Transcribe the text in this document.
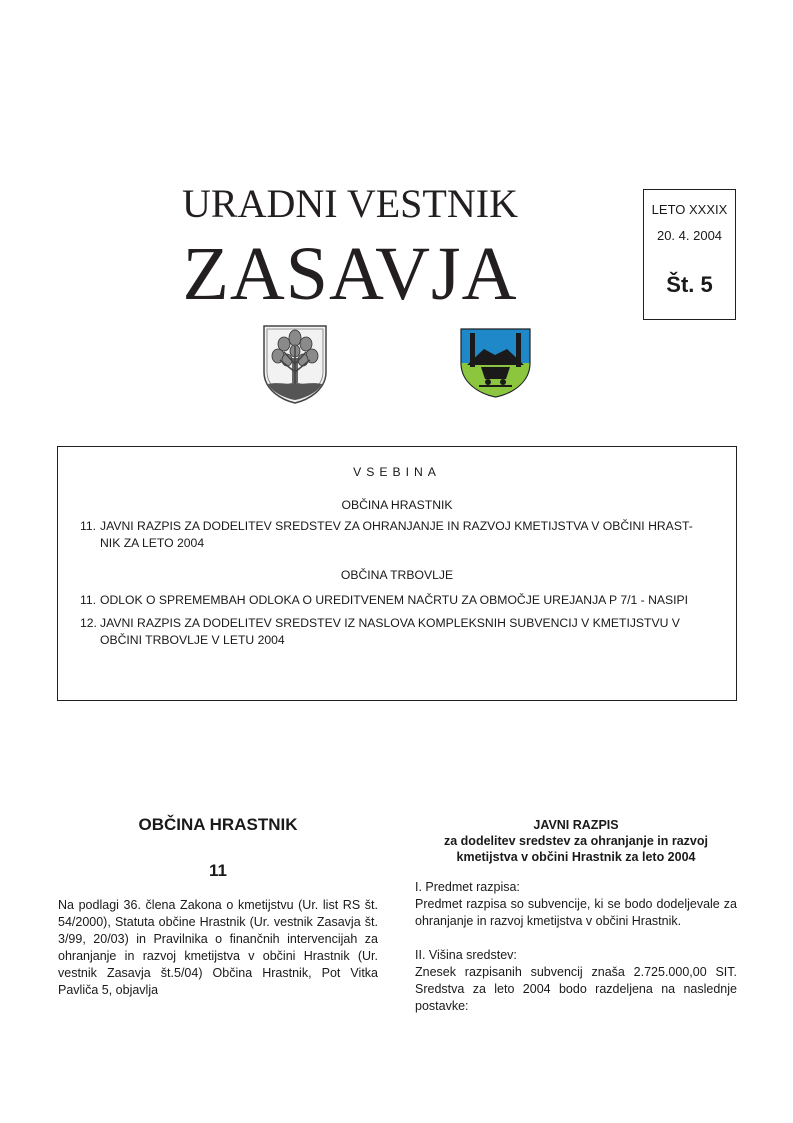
URADNI VESTNIK
ZASAVJA
LETO XXXIX
20. 4. 2004
Št. 5
VSEBINA
OBČINA HRASTNIK
11. JAVNI RAZPIS ZA DODELITEV SREDSTEV ZA OHRANJANJE IN RAZVOJ KMETIJSTVA V OBČINI HRAST-
NIK ZA LETO 2004
OBČINA TRBOVLJE
11. ODLOK O SPREMEMBAH ODLOKA O UREDITVENEM NAČRTU ZA OBMOČJE UREJANJA P 7/1 - NASIPI
12. JAVNI RAZPIS ZA DODELITEV SREDSTEV IZ NASLOVA KOMPLEKSNIH SUBVENCIJ V KMETIJSTVU V
OBČINI TRBOVLJE V LETU 2004
OBČINA HRASTNIK
11
Na podlagi 36. člena Zakona o kmetijstvu (Ur. list RS št. 54/2000), Statuta občine Hrastnik (Ur. vestnik Zasavja št. 3/99, 20/03) in Pravilnika o finančnih intervencijah za ohranjanje in razvoj kmetijstva v občini Hrastnik (Ur. vestnik Zasavja št.5/04) Občina Hrastnik, Pot Vitka Pavliča 5, objavlja
JAVNI RAZPIS
za dodelitev sredstev za ohranjanje in razvoj
kmetijstva v občini Hrastnik za leto 2004
I. Predmet razpisa:
Predmet razpisa so subvencije, ki se bodo dodeljevale za ohranjanje in razvoj kmetijstva v občini Hrastnik.
II. Višina sredstev:
Znesek razpisanih subvencij znaša 2.725.000,00 SIT. Sredstva za leto 2004 bodo razdeljena na naslednje postavke:
